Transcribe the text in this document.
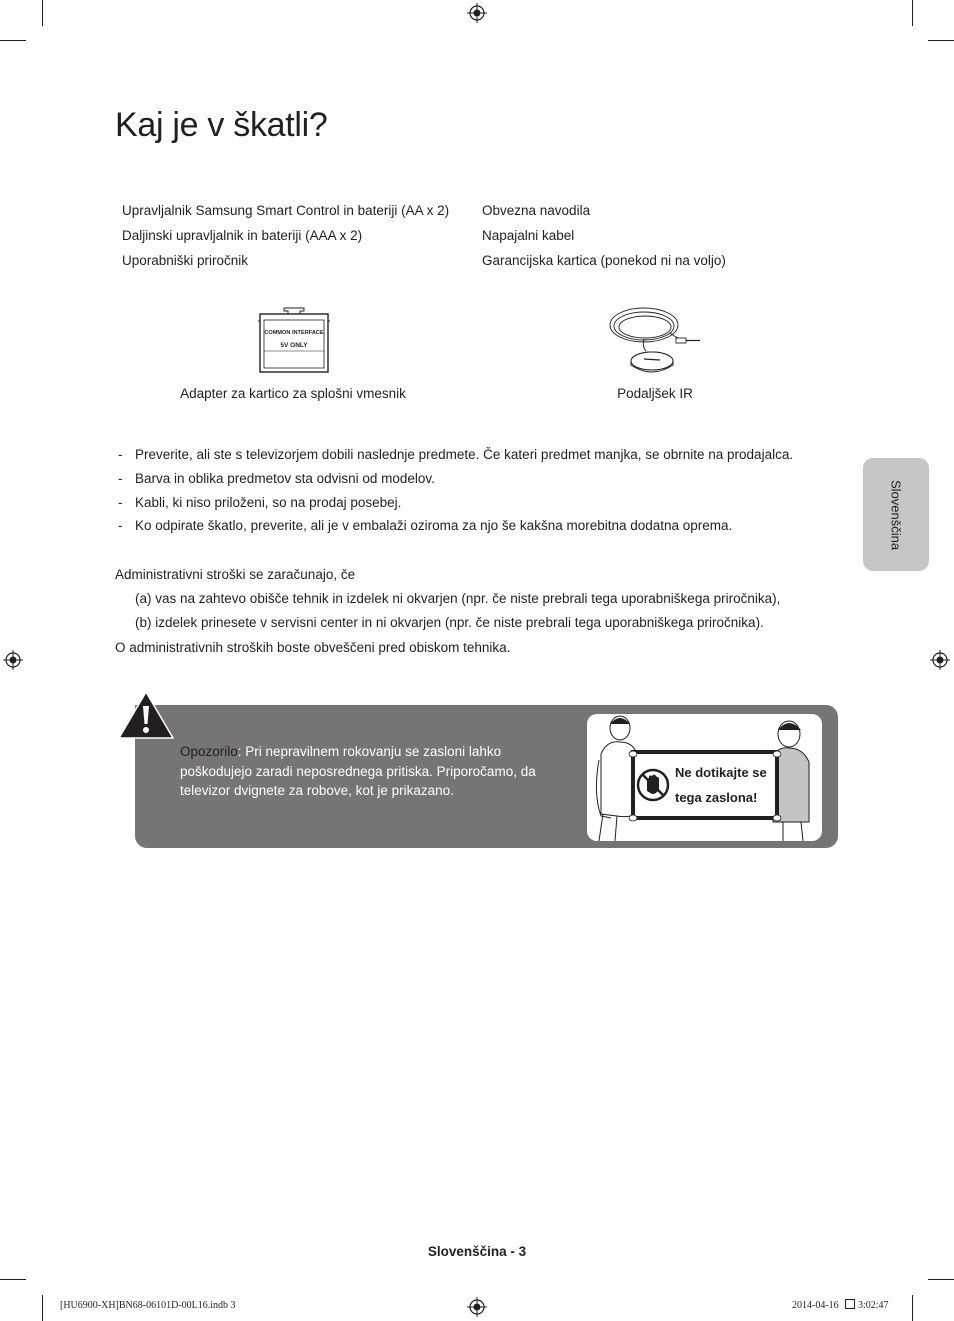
Kaj je v škatli?
Upravljalnik Samsung Smart Control in bateriji (AA x 2)
Daljinski upravljalnik in bateriji (AAA x 2)
Uporabniški priročnik
Obvezna navodila
Napajalni kabel
Garancijska kartica (ponekod ni na voljo)
COMMON INTERFACE
5V ONLY
Adapter za kartico za splošni vmesnik	Podaljšek IR
- Preverite, ali ste s televizorjem dobili naslednje predmete. Če kateri predmet manjka, se obrnite na prodajalca.
- Barva in oblika predmetov sta odvisni od modelov.
- Kabli, ki niso priloženi, so na prodaj posebej.
- Ko odpirate škatlo, preverite, ali je v embalaži oziroma za njo še kakšna morebitna dodatna oprema.
Administrativni stroški se zaračunajo, če
(a) vas na zahtevo obišče tehnik in izdelek ni okvarjen (npr. če niste prebrali tega uporabniškega priročnika),
(b) izdelek prinesete v servisni center in ni okvarjen (npr. če niste prebrali tega uporabniškega priročnika).
O administrativnih stroških boste obveščeni pred obiskom tehnika.
Slovenščina
Opozorilo: Pri nepravilnem rokovanju se zasloni lahko poškodujejo zaradi neposrednega pritiska. Priporočamo, da televizor dvignete za robove, kot je prikazano.
Ne dotikajte se
tega zaslona!
Slovenščina - 3
[HU6900-XH]BN68-06101D-00L16.indb 3	2014-04-16 3:02:47
